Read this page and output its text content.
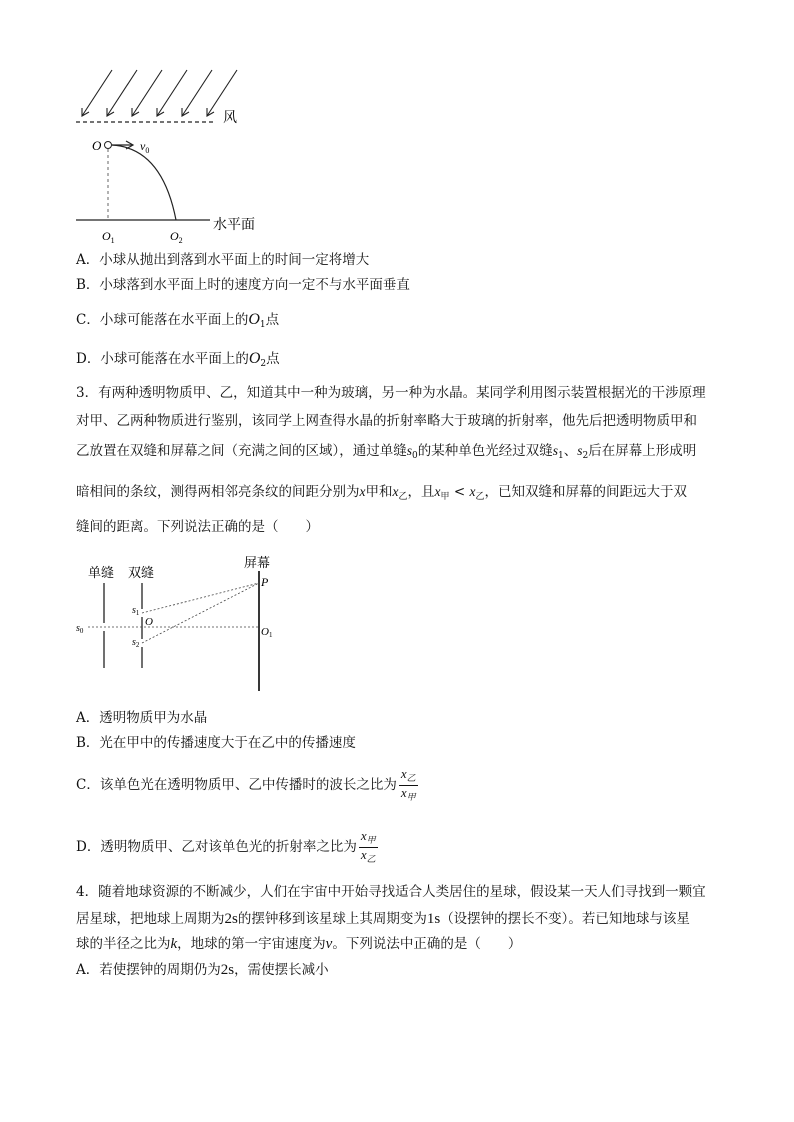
风
O	$v_0$
水平面
$O_1$	$O_2$
A．小球从抛出到落到水平面上的时间一定将增大
B．小球落到水平面上时的速度方向一定不与水平面垂直
C．小球可能落在水平面上的$O_1$点
D．小球可能落在水平面上的$O_2$点
3．有两种透明物质甲、乙，知道其中一种为玻璃，另一种为水晶。某同学利用图示装置根据光的干涉原理
对甲、乙两种物质进行鉴别，该同学上网查得水晶的折射率略大于玻璃的折射率，他先后把透明物质甲和
乙放置在双缝和屏幕之间（充满之间的区域），通过单缝$s_0$的某种单色光经过双缝$s_1$、$s_2$后在屏幕上形成明
暗相间的条纹，测得两相邻亮条纹的间距分别为x甲和$x_乙$，且$x_甲 < x_乙$，已知双缝和屏幕的间距远大于双
缝间的距离。下列说法正确的是（　　）
单缝 双缝
屏幕
P
$s_0$
$s_1$
$s_2$
O
O1
A．透明物质甲为水晶
B．光在甲中的传播速度大于在乙中的传播速度
C．该单色光在透明物质甲、乙中传播时的波长之比为 $\frac{x_乙}{x_甲}$
D．透明物质甲、乙对该单色光的折射率之比为 $\frac{x_甲}{x_乙}$
4．随着地球资源的不断减少，人们在宇宙中开始寻找适合人类居住的星球，假设某一天人们寻找到一颗宜
居星球，把地球上周期为2s的摆钟移到该星球上其周期变为1s（设摆钟的摆长不变）。若已知地球与该星
球的半径之比为k，地球的第一宇宙速度为v。下列说法中正确的是（　　）
A．若使摆钟的周期仍为2s，需使摆长减小
